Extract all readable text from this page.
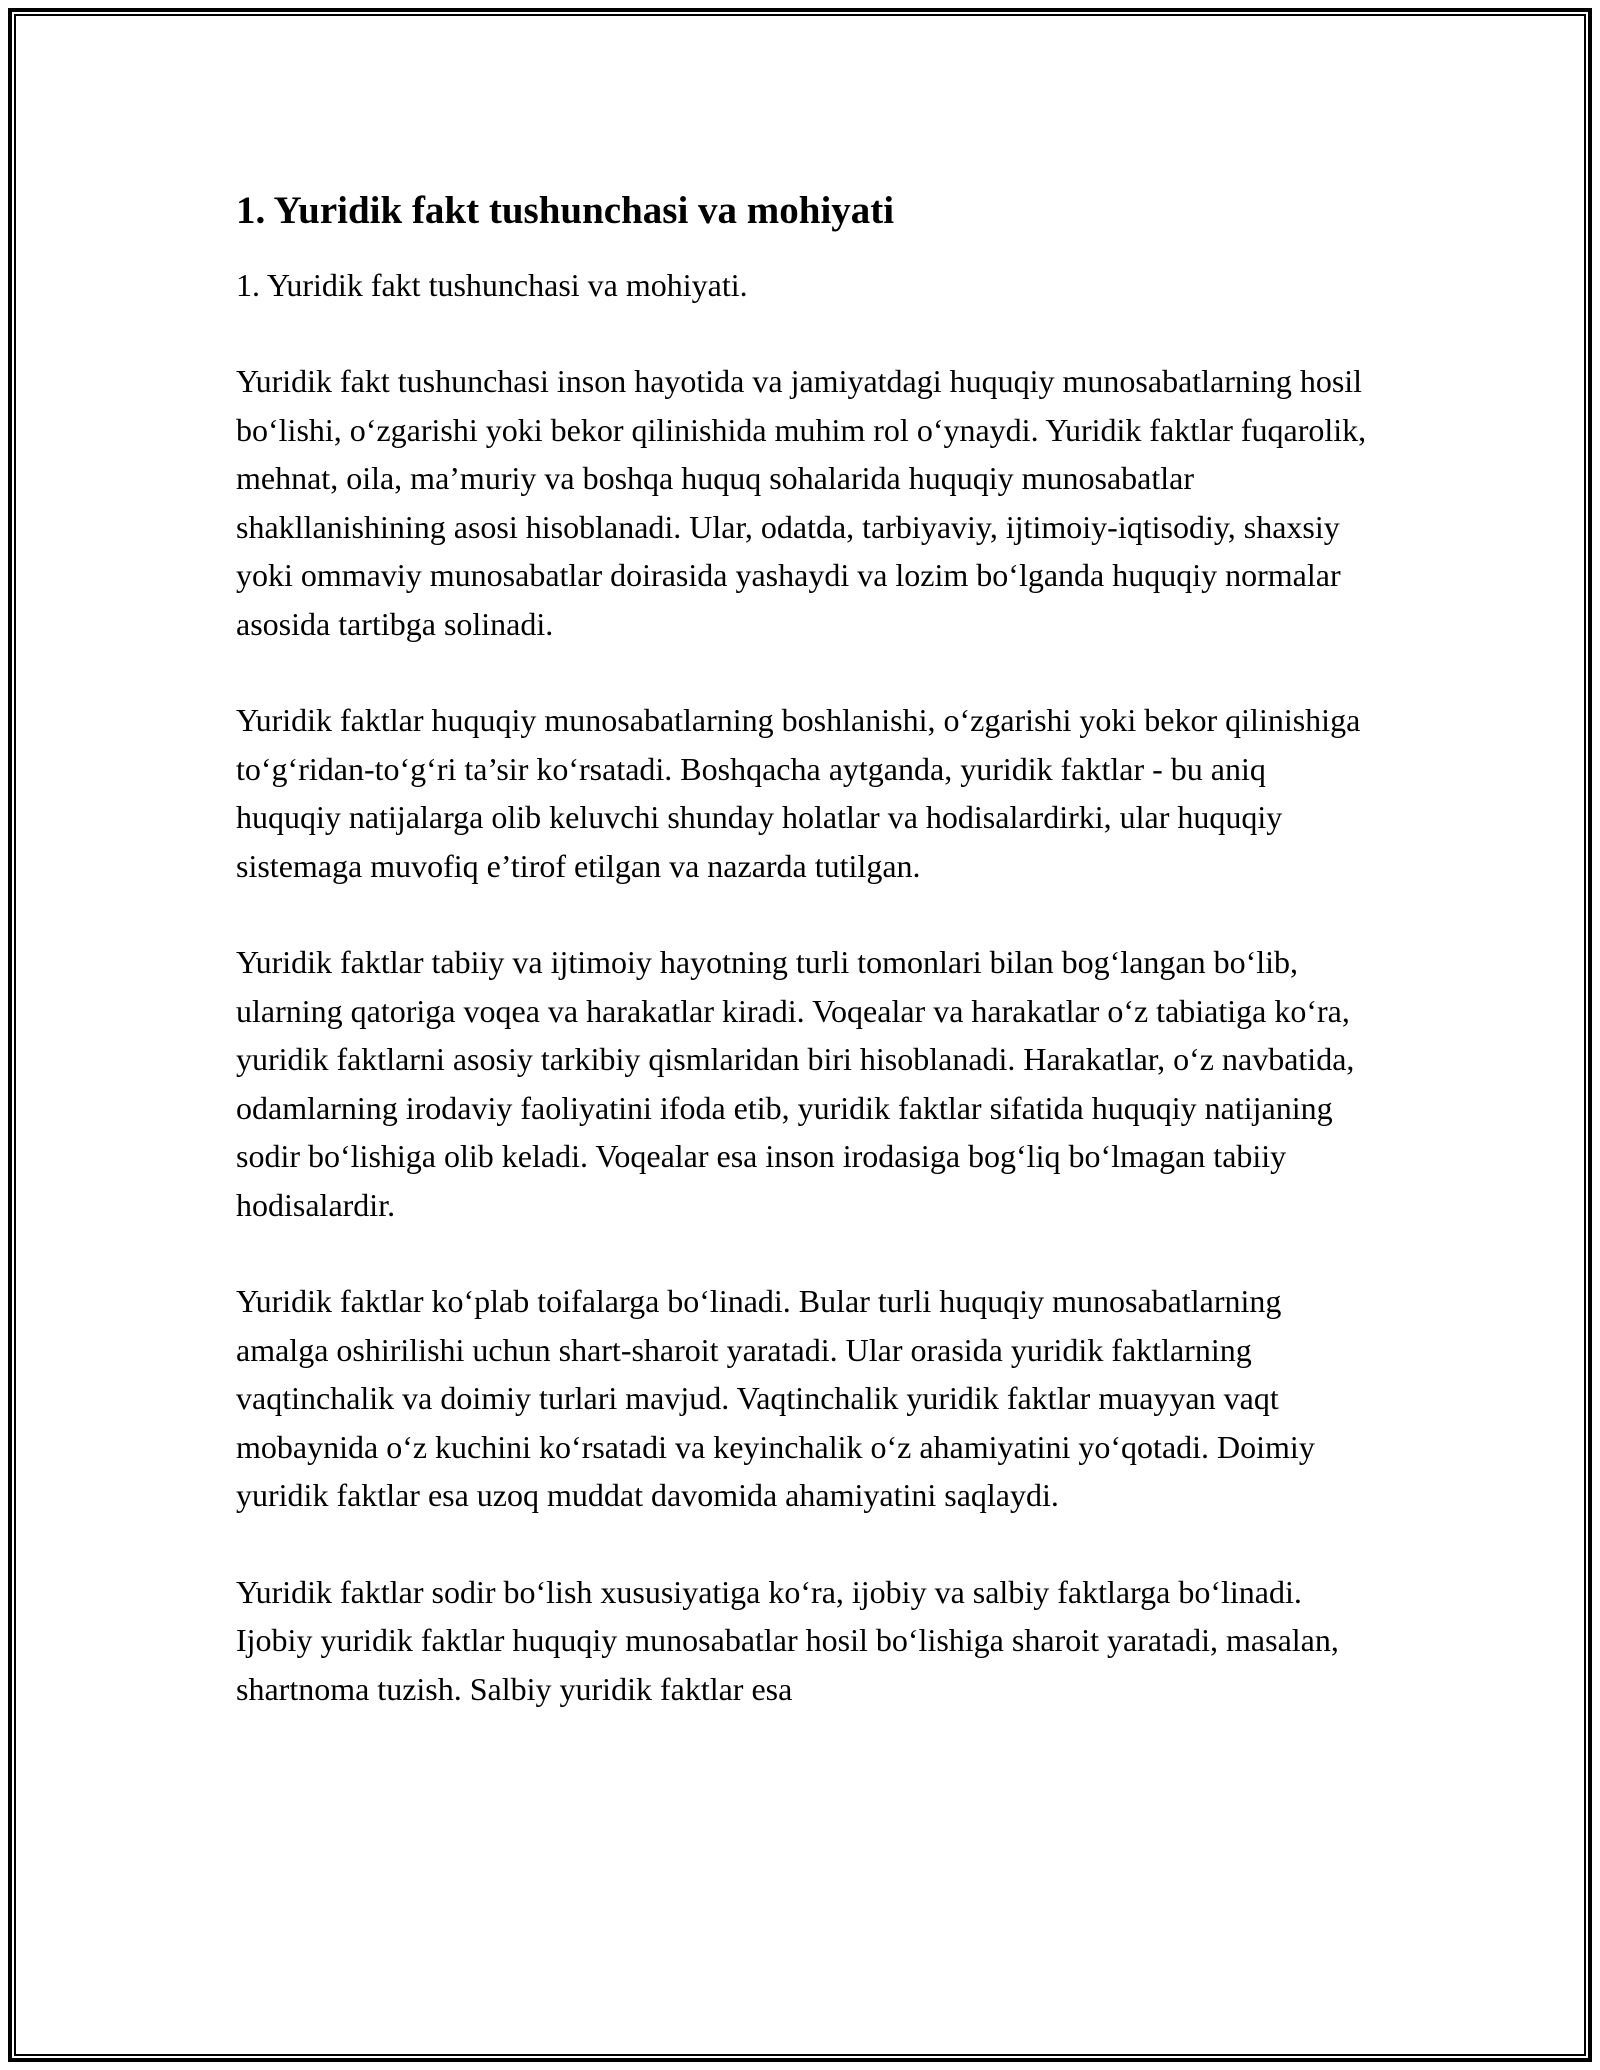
1. Yuridik fakt tushunchasi va mohiyati

1. Yuridik fakt tushunchasi va mohiyati.

Yuridik fakt tushunchasi inson hayotida va jamiyatdagi huquqiy munosabatlarning hosil bo‘lishi, o‘zgarishi yoki bekor qilinishida muhim rol o‘ynaydi. Yuridik faktlar fuqarolik, mehnat, oila, ma’muriy va boshqa huquq sohalarida huquqiy munosabatlar shakllanishining asosi hisoblanadi. Ular, odatda, tarbiyaviy, ijtimoiy-iqtisodiy, shaxsiy yoki ommaviy munosabatlar doirasida yashaydi va lozim bo‘lganda huquqiy normalar asosida tartibga solinadi.

Yuridik faktlar huquqiy munosabatlarning boshlanishi, o‘zgarishi yoki bekor qilinishiga to‘g‘ridan-to‘g‘ri ta’sir ko‘rsatadi. Boshqacha aytganda, yuridik faktlar - bu aniq huquqiy natijalarga olib keluvchi shunday holatlar va hodisalardirki, ular huquqiy sistemaga muvofiq e’tirof etilgan va nazarda tutilgan.

Yuridik faktlar tabiiy va ijtimoiy hayotning turli tomonlari bilan bog‘langan bo‘lib, ularning qatoriga voqea va harakatlar kiradi. Voqealar va harakatlar o‘z tabiatiga ko‘ra, yuridik faktlarni asosiy tarkibiy qismlaridan biri hisoblanadi. Harakatlar, o‘z navbatida, odamlarning irodaviy faoliyatini ifoda etib, yuridik faktlar sifatida huquqiy natijaning sodir bo‘lishiga olib keladi. Voqealar esa inson irodasiga bog‘liq bo‘lmagan tabiiy hodisalardir.

Yuridik faktlar ko‘plab toifalarga bo‘linadi. Bular turli huquqiy munosabatlarning amalga oshirilishi uchun shart-sharoit yaratadi. Ular orasida yuridik faktlarning vaqtinchalik va doimiy turlari mavjud. Vaqtinchalik yuridik faktlar muayyan vaqt mobaynida o‘z kuchini ko‘rsatadi va keyinchalik o‘z ahamiyatini yo‘qotadi. Doimiy yuridik faktlar esa uzoq muddat davomida ahamiyatini saqlaydi.

Yuridik faktlar sodir bo‘lish xususiyatiga ko‘ra, ijobiy va salbiy faktlarga bo‘linadi. Ijobiy yuridik faktlar huquqiy munosabatlar hosil bo‘lishiga sharoit yaratadi, masalan, shartnoma tuzish. Salbiy yuridik faktlar esa
